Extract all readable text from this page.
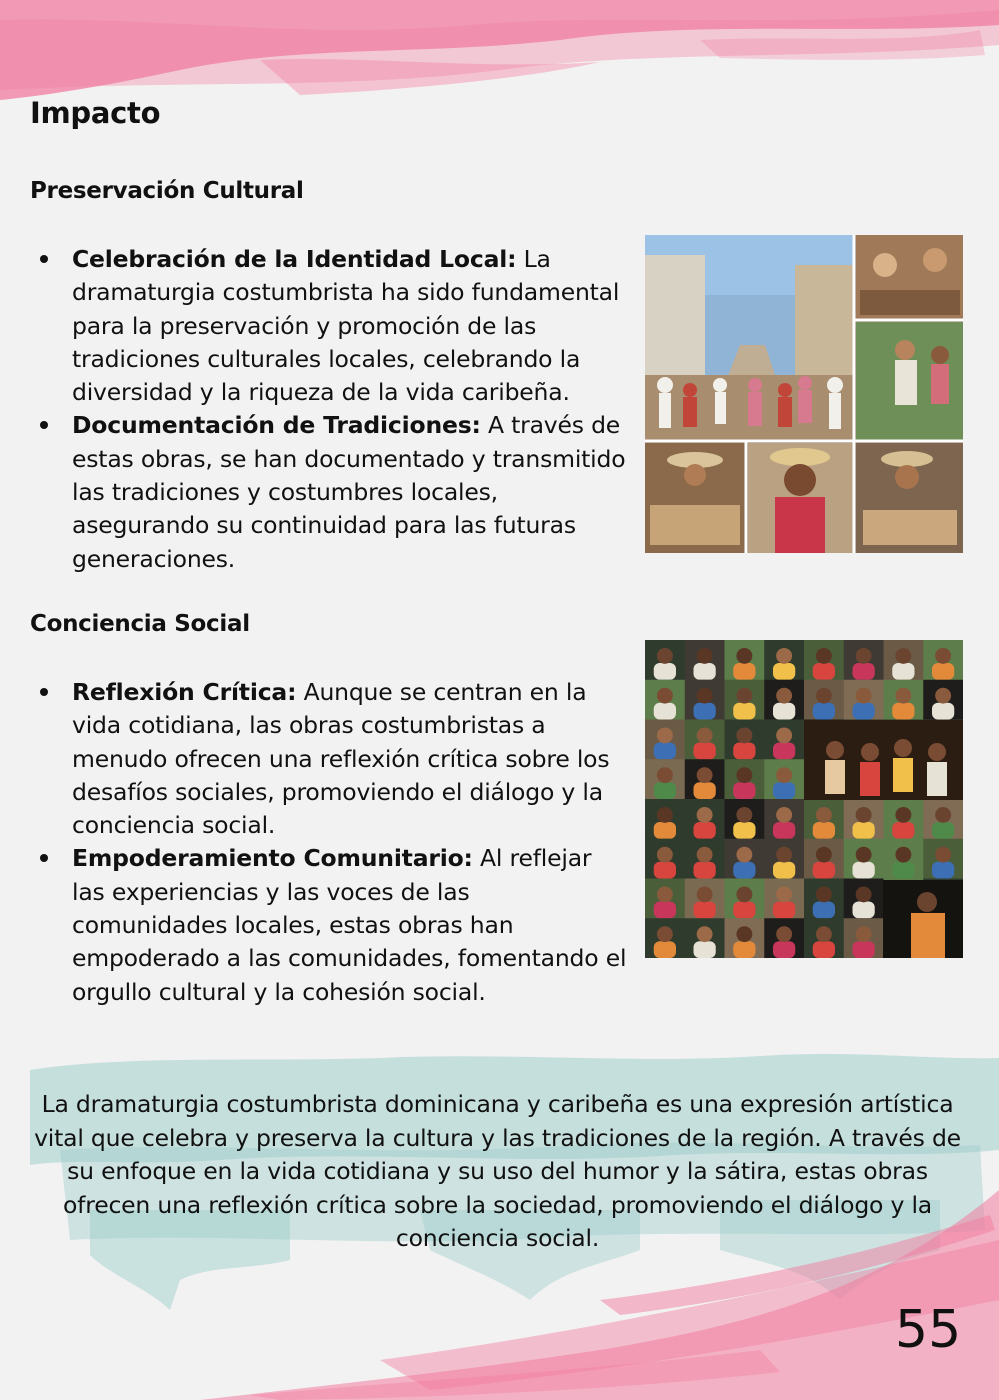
Impacto
Preservación Cultural
Celebración de la Identidad Local: La dramaturgia costumbrista ha sido fundamental para la preservación y promoción de las tradiciones culturales locales, celebrando la diversidad y la riqueza de la vida caribeña.
Documentación de Tradiciones: A través de estas obras, se han documentado y transmitido las tradiciones y costumbres locales, asegurando su continuidad para las futuras generaciones.
Conciencia Social
Reflexión Crítica: Aunque se centran en la vida cotidiana, las obras costumbristas a menudo ofrecen una reflexión crítica sobre los desafíos sociales, promoviendo el diálogo y la conciencia social.
Empoderamiento Comunitario: Al reflejar las experiencias y las voces de las comunidades locales, estas obras han empoderado a las comunidades, fomentando el orgullo cultural y la cohesión social.

La dramaturgia costumbrista dominicana y caribeña es una expresión artística vital que celebra y preserva la cultura y las tradiciones de la región. A través de su enfoque en la vida cotidiana y su uso del humor y la sátira, estas obras ofrecen una reflexión crítica sobre la sociedad, promoviendo el diálogo y la conciencia social.

55
